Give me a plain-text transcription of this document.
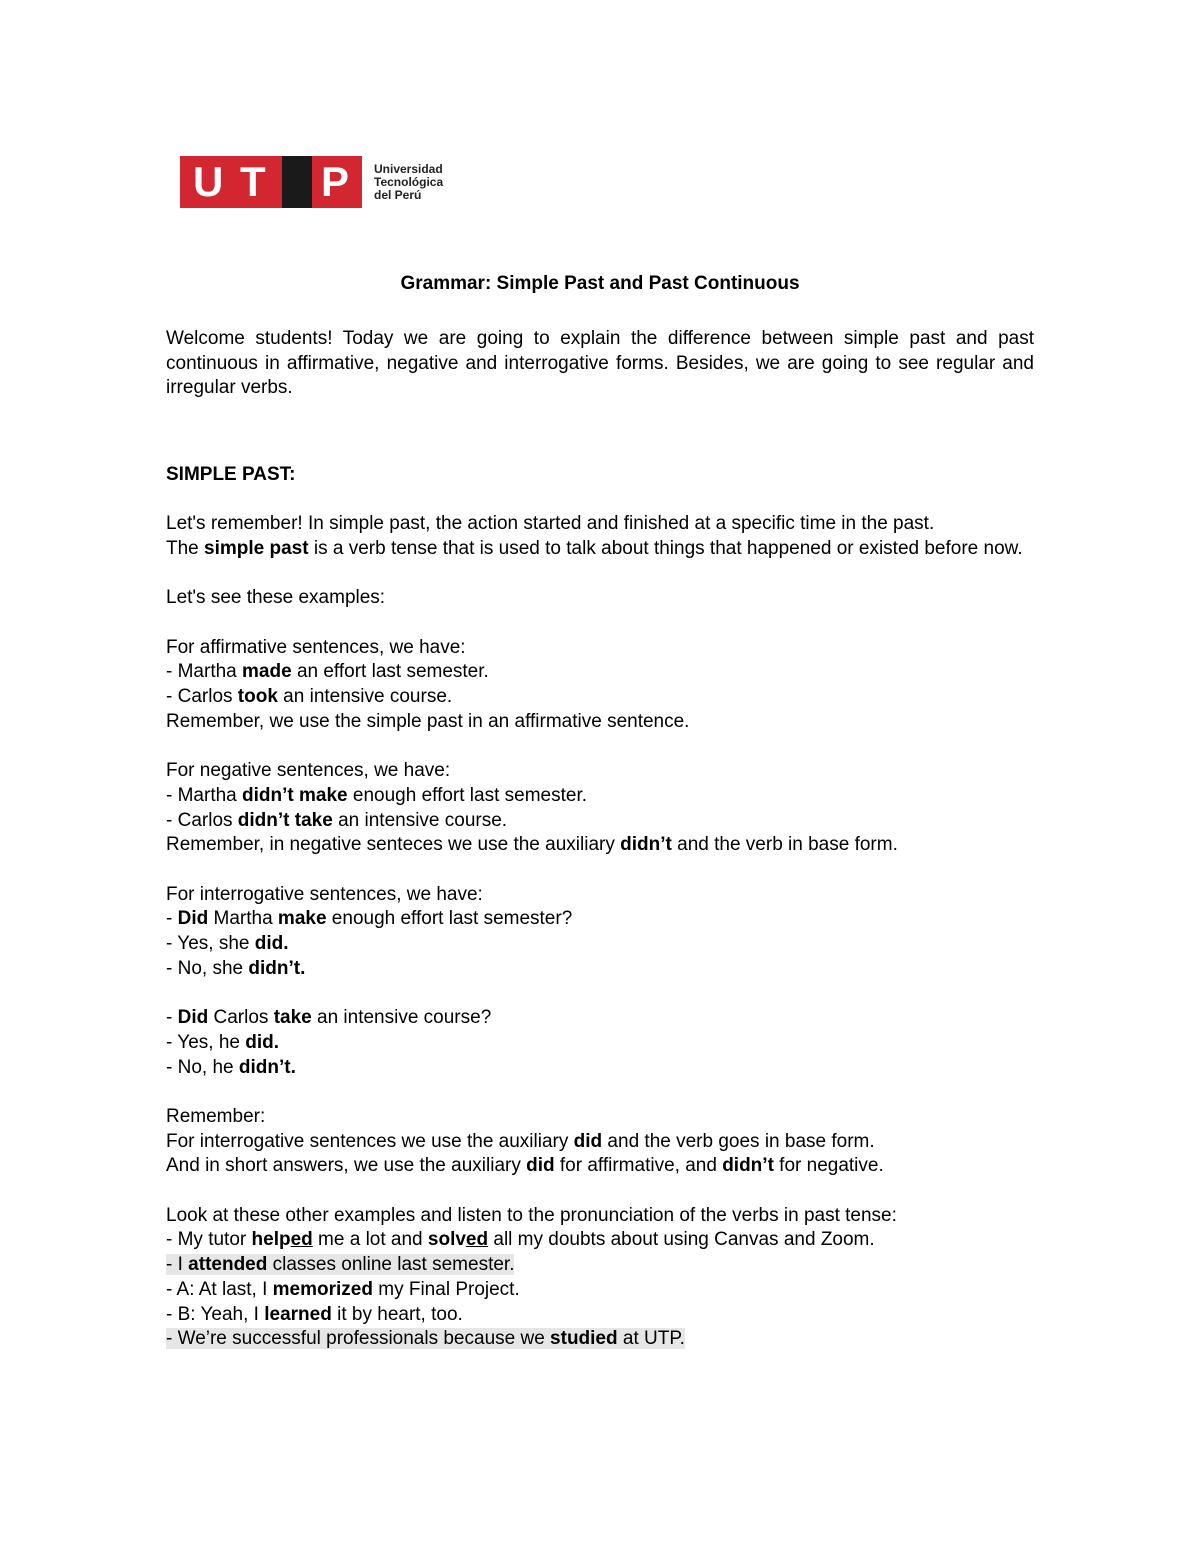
U T P Universidad
Tecnológica
del Perú
Grammar: Simple Past and Past Continuous

Welcome students! Today we are going to explain the difference between simple past and past continuous in affirmative, negative and interrogative forms. Besides, we are going to see regular and irregular verbs.

SIMPLE PAST:

Let's remember! In simple past, the action started and finished at a specific time in the past.

The simple past is a verb tense that is used to talk about things that happened or existed before now.

Let's see these examples:

For affirmative sentences, we have:

- Martha made an effort last semester.

- Carlos took an intensive course.

Remember, we use the simple past in an affirmative sentence.

For negative sentences, we have:

- Martha didn’t make enough effort last semester.

- Carlos didn’t take an intensive course.

Remember, in negative senteces we use the auxiliary didn’t and the verb in base form.

For interrogative sentences, we have:

- Did Martha make enough effort last semester?

- Yes, she did.

- No, she didn’t.

- Did Carlos take an intensive course?

- Yes, he did.

- No, he didn’t.

Remember:

For interrogative sentences we use the auxiliary did and the verb goes in base form.

And in short answers, we use the auxiliary did for affirmative, and didn’t for negative.

Look at these other examples and listen to the pronunciation of the verbs in past tense:

- My tutor helped me a lot and solved all my doubts about using Canvas and Zoom.

- I attended classes online last semester.

- A: At last, I memorized my Final Project.

- B: Yeah, I learned it by heart, too.

- We’re successful professionals because we studied at UTP.
